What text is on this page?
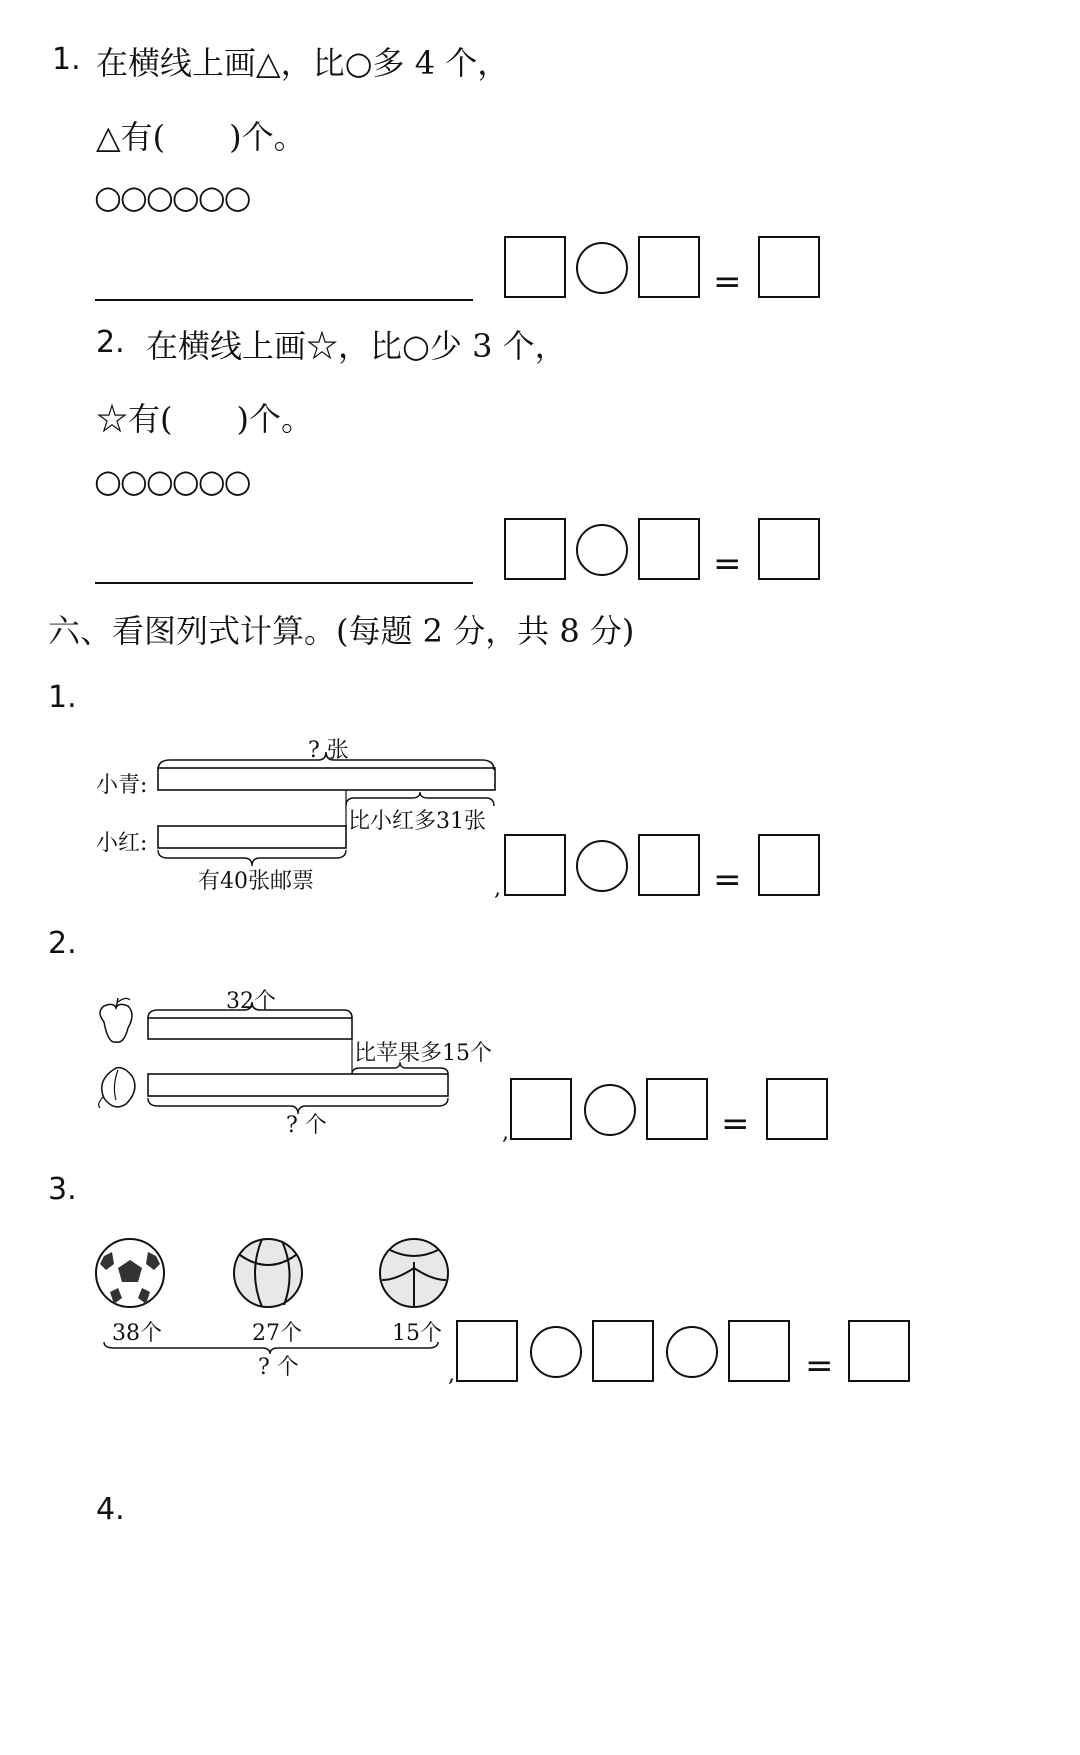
1. 在横线上画△，比○多 4 个，
△有(　　)个。
○○○○○○
=
2. 在横线上画☆，比○少 3 个，
☆有(　　)个。
○○○○○○
=
六、看图列式计算。(每题 2 分，共 8 分)
1.
? 张
小青:
小红:
比小红多31张
有40张邮票	,	=
2.
32个
比苹果多15个
? 个	,	=
3.
38个	27个	15个
? 个	,	=
4.
